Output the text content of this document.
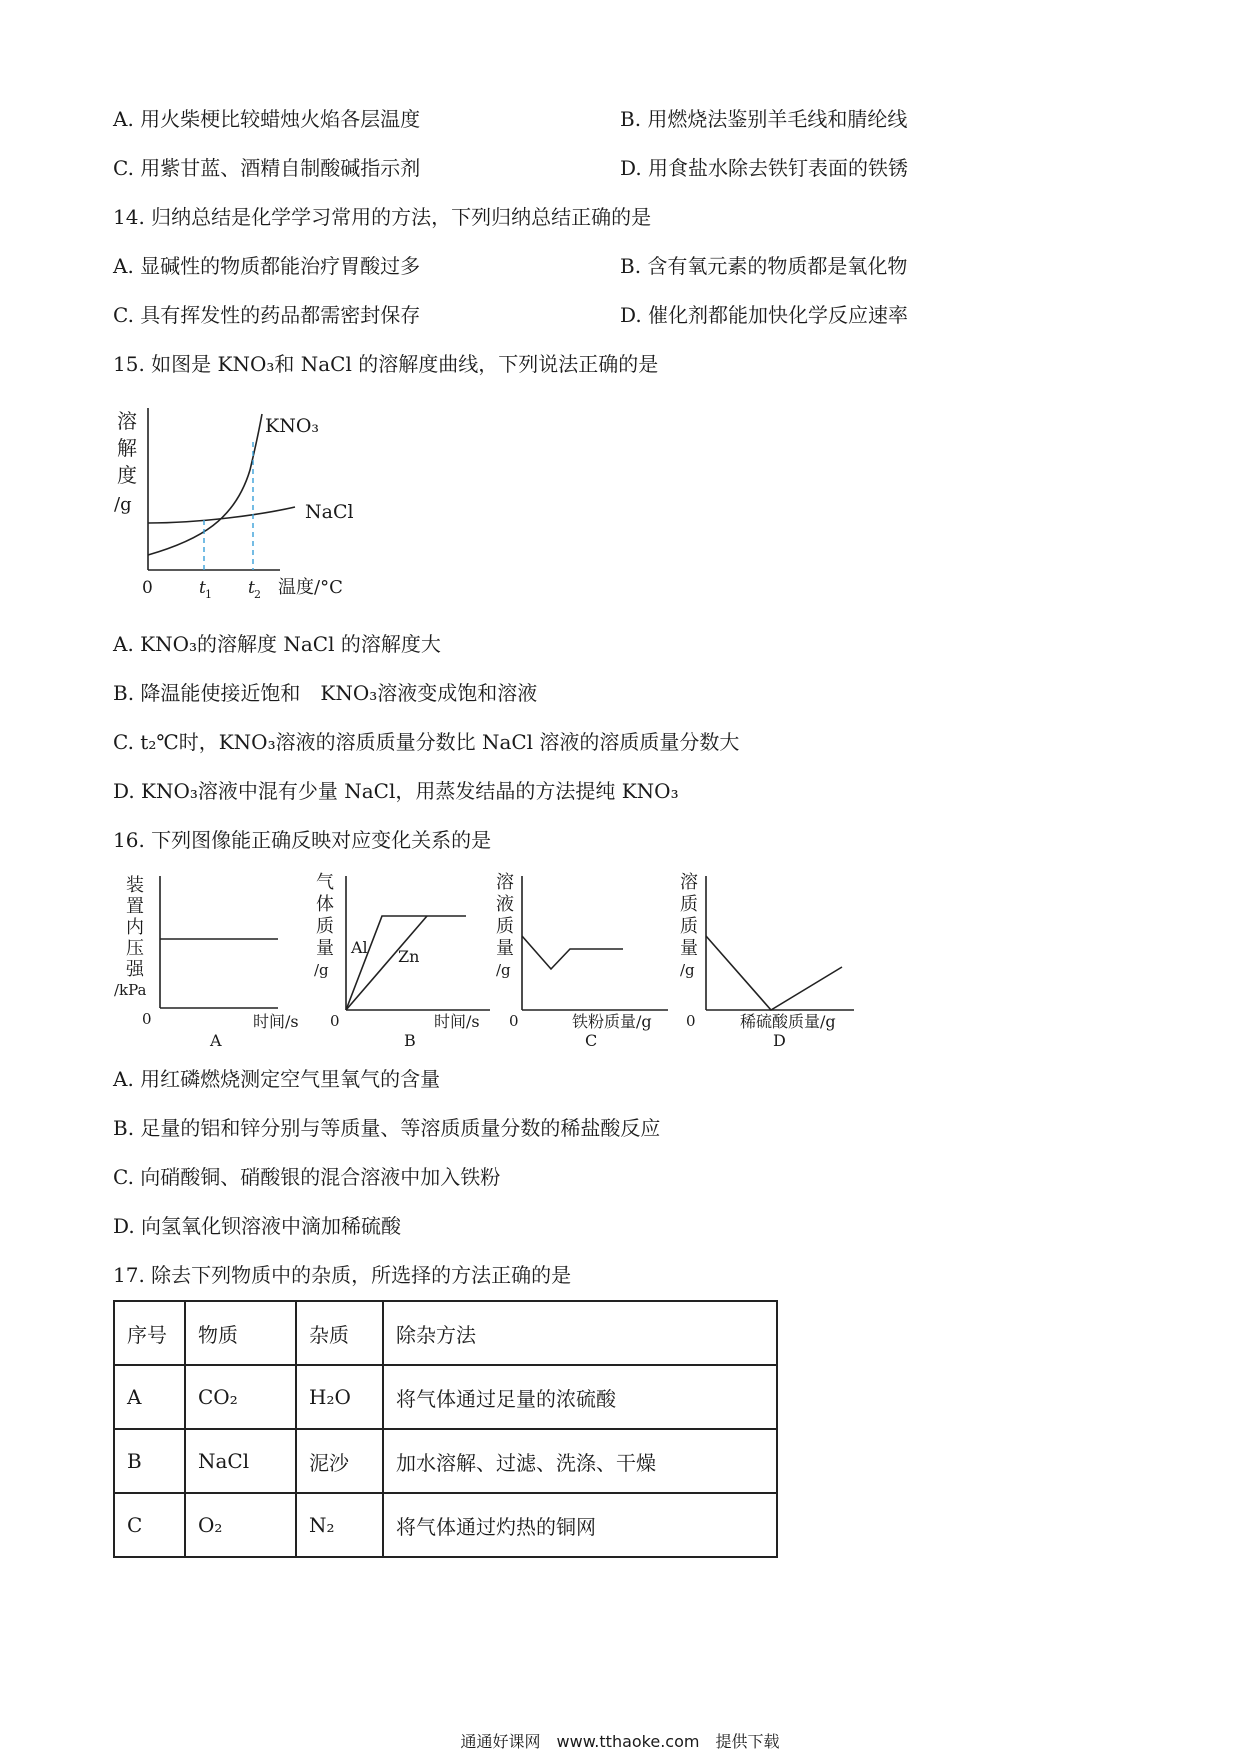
A. 用火柴梗比较蜡烛火焰各层温度	B. 用燃烧法鉴别羊毛线和腈纶线
C. 用紫甘蓝、酒精自制酸碱指示剂	D. 用食盐水除去铁钉表面的铁锈
14. 归纳总结是化学学习常用的方法，下列归纳总结正确的是
A. 显碱性的物质都能治疗胃酸过多	B. 含有氧元素的物质都是氧化物
C. 具有挥发性的药品都需密封保存	D. 催化剂都能加快化学反应速率
15. 如图是 KNO₃和 NaCl 的溶解度曲线，下列说法正确的是
溶
解
度
/g
KNO₃
NaCl
0	t 1 t 2 温度/°C
A. KNO₃的溶解度 NaCl 的溶解度大
B. 降温能使接近饱和　KNO₃溶液变成饱和溶液
C. t₂℃时，KNO₃溶液的溶质质量分数比 NaCl 溶液的溶质质量分数大
D. KNO₃溶液中混有少量 NaCl，用蒸发结晶的方法提纯 KNO₃
16. 下列图像能正确反映对应变化关系的是
装
置
内
压
强
/kPa
0	时间/s
A
气
体
质
量
/g
Al Zn
0	时间/s
B
溶
液
质
量
/g
0	铁粉质量/g
C
溶
质
质
量
/g
0	稀硫酸质量/g
D
A. 用红磷燃烧测定空气里氧气的含量
B. 足量的铝和锌分别与等质量、等溶质质量分数的稀盐酸反应
C. 向硝酸铜、硝酸银的混合溶液中加入铁粉
D. 向氢氧化钡溶液中滴加稀硫酸
17. 除去下列物质中的杂质，所选择的方法正确的是
序号	物质	杂质	除杂方法
A	CO₂	H₂O	将气体通过足量的浓硫酸
B	NaCl	泥沙	加水溶解、过滤、洗涤、干燥
C	O₂	N₂	将气体通过灼热的铜网
通通好课网　www.tthaoke.com　提供下载
